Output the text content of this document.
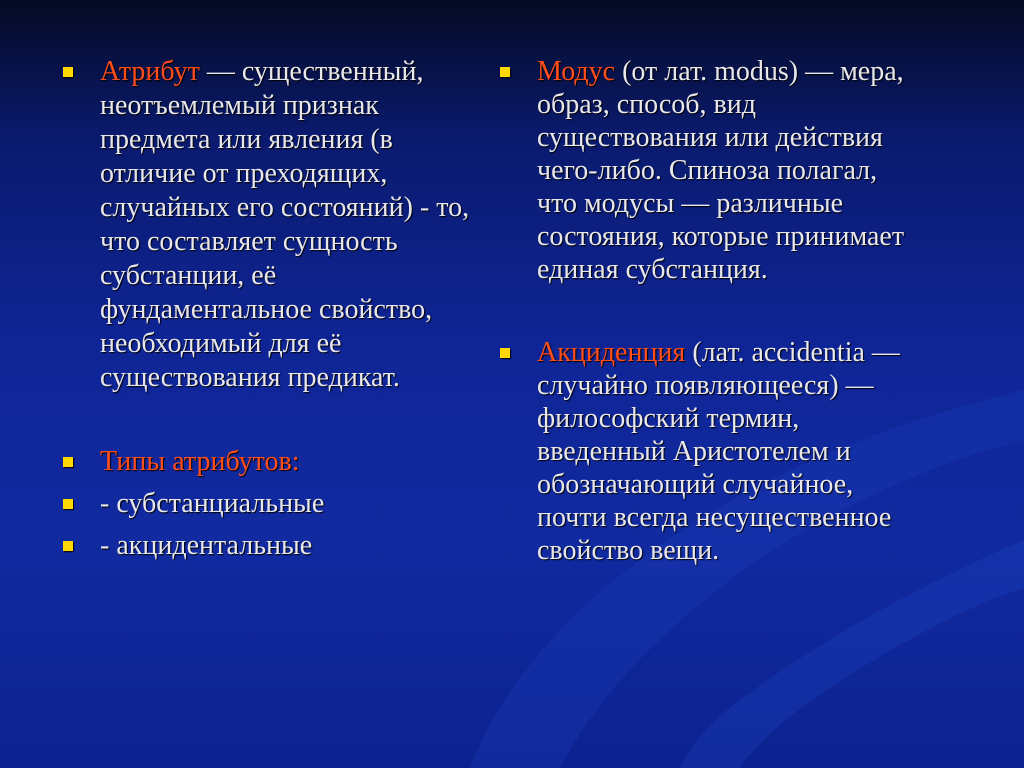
Атрибут — существенный, неотъемлемый признак предмета или явления (в отличие от преходящих, случайных его состояний) - то, что составляет сущность субстанции, её фундаментальное свойство, необходимый для её существования предикат.
Типы атрибутов:
- субстанциальные
- акцидентальные
Модус (от лат. modus) — мера, образ, способ, вид существования или действия чего-либо. Спиноза полагал, что модусы — различные состояния, которые принимает единая субстанция.
Акциденция (лат. accidentia — случайно появляющееся) — философский термин, введенный Аристотелем и обозначающий случайное, почти всегда несущественное свойство вещи.
